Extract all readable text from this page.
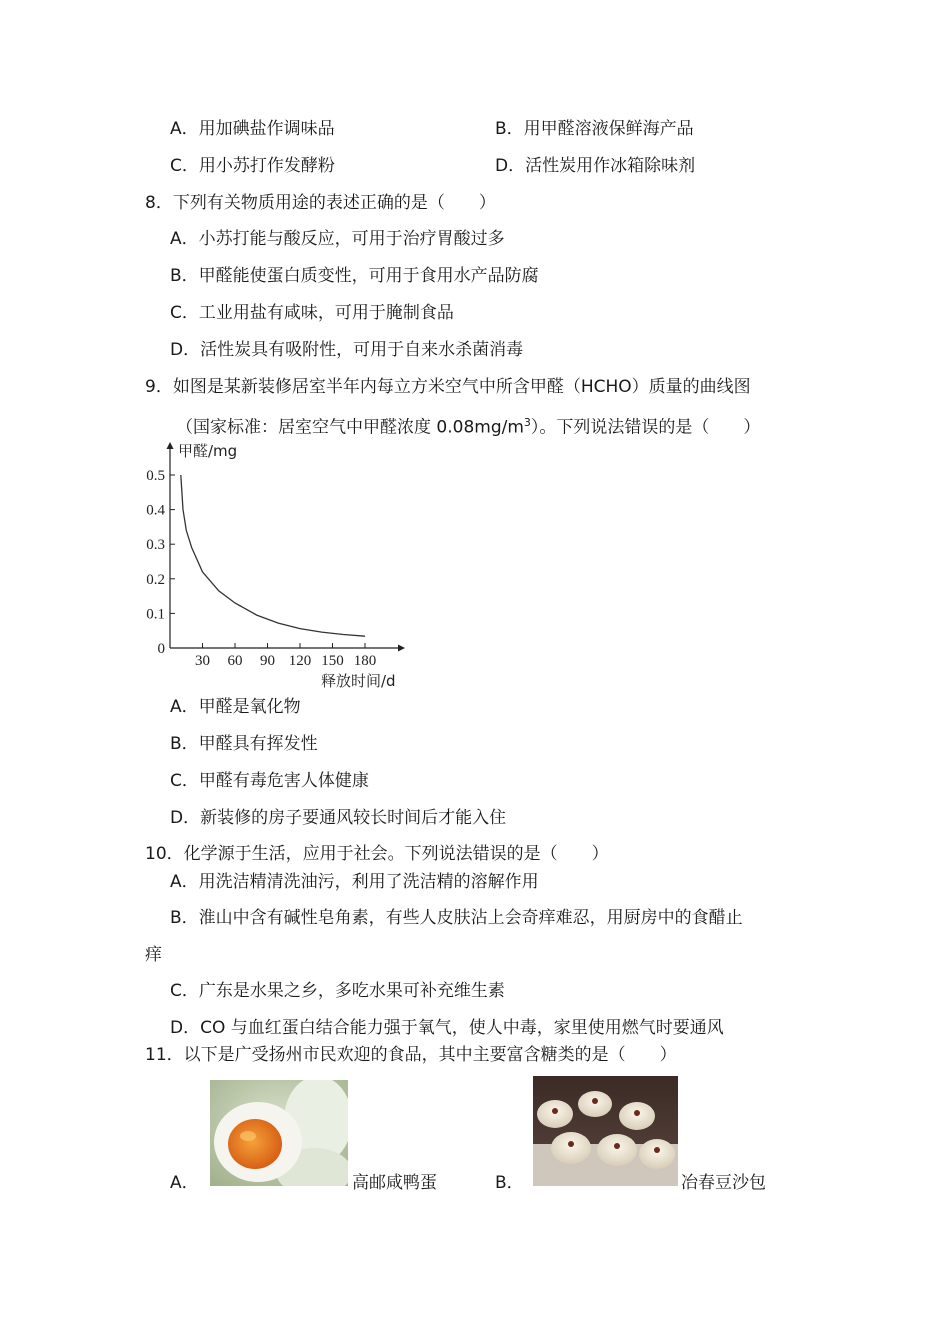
A．用加碘盐作调味品	B．用甲醛溶液保鲜海产品
C．用小苏打作发酵粉	D．活性炭用作冰箱除味剂
8．下列有关物质用途的表述正确的是（　　）
A．小苏打能与酸反应，可用于治疗胃酸过多
B．甲醛能使蛋白质变性，可用于食用水产品防腐
C．工业用盐有咸味，可用于腌制食品
D．活性炭具有吸附性，可用于自来水杀菌消毒
9．如图是某新装修居室半年内每立方米空气中所含甲醛（HCHO）质量的曲线图
（国家标准：居室空气中甲醛浓度 $0.08mg/m^3$）。下列说法错误的是（　　）
0
0.1
0.2
0.3
0.4
0.5
30 60 90 120 150 180
甲醛/mg
释放时间/d
A．甲醛是氧化物
B．甲醛具有挥发性
C．甲醛有毒危害人体健康
D．新装修的房子要通风较长时间后才能入住
10．化学源于生活，应用于社会。下列说法错误的是（　　）
A．用洗洁精清洗油污，利用了洗洁精的溶解作用
B．淮山中含有碱性皂角素，有些人皮肤沾上会奇痒难忍，用厨房中的食醋止
痒
C．广东是水果之乡，多吃水果可补充维生素
D．CO 与血红蛋白结合能力强于氧气，使人中毒，家里使用燃气时要通风
11．以下是广受扬州市民欢迎的食品，其中主要富含糖类的是（　　）
A．	高邮咸鸭蛋	B．	冶春豆沙包
